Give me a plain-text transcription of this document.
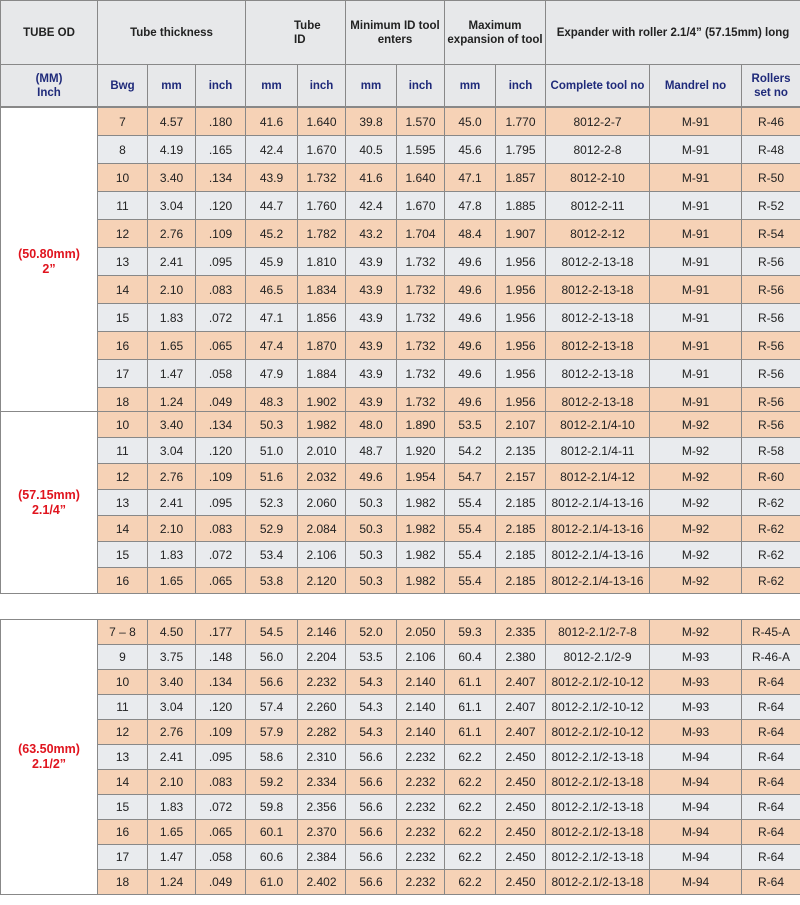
TUBE OD	Tube thickness			Tube ID		Minimum ID tool enters		Maximum expansion of tool		Expander with roller 2.1/4” (57.15mm) long		
(MM) Inch	Bwg	mm	inch	mm	inch	mm	inch	mm	inch	Complete tool no	Mandrel no	Rollers set no
(50.80mm)
2”	7	4.57	.180	41.6	1.640	39.8	1.570	45.0	1.770	8012-2-7	M-91	R-46
	8	4.19	.165	42.4	1.670	40.5	1.595	45.6	1.795	8012-2-8	M-91	R-48
	10	3.40	.134	43.9	1.732	41.6	1.640	47.1	1.857	8012-2-10	M-91	R-50
	11	3.04	.120	44.7	1.760	42.4	1.670	47.8	1.885	8012-2-11	M-91	R-52
	12	2.76	.109	45.2	1.782	43.2	1.704	48.4	1.907	8012-2-12	M-91	R-54
	13	2.41	.095	45.9	1.810	43.9	1.732	49.6	1.956	8012-2-13-18	M-91	R-56
	14	2.10	.083	46.5	1.834	43.9	1.732	49.6	1.956	8012-2-13-18	M-91	R-56
	15	1.83	.072	47.1	1.856	43.9	1.732	49.6	1.956	8012-2-13-18	M-91	R-56
	16	1.65	.065	47.4	1.870	43.9	1.732	49.6	1.956	8012-2-13-18	M-91	R-56
	17	1.47	.058	47.9	1.884	43.9	1.732	49.6	1.956	8012-2-13-18	M-91	R-56
	18	1.24	.049	48.3	1.902	43.9	1.732	49.6	1.956	8012-2-13-18	M-91	R-56
(57.15mm)
2.1/4”	10	3.40	.134	50.3	1.982	48.0	1.890	53.5	2.107	8012-2.1/4-10	M-92	R-56
	11	3.04	.120	51.0	2.010	48.7	1.920	54.2	2.135	8012-2.1/4-11	M-92	R-58
	12	2.76	.109	51.6	2.032	49.6	1.954	54.7	2.157	8012-2.1/4-12	M-92	R-60
	13	2.41	.095	52.3	2.060	50.3	1.982	55.4	2.185	8012-2.1/4-13-16	M-92	R-62
	14	2.10	.083	52.9	2.084	50.3	1.982	55.4	2.185	8012-2.1/4-13-16	M-92	R-62
	15	1.83	.072	53.4	2.106	50.3	1.982	55.4	2.185	8012-2.1/4-13-16	M-92	R-62
	16	1.65	.065	53.8	2.120	50.3	1.982	55.4	2.185	8012-2.1/4-13-16	M-92	R-62
(63.50mm)
2.1/2”	7 – 8	4.50	.177	54.5	2.146	52.0	2.050	59.3	2.335	8012-2.1/2-7-8	M-92	R-45-A
	9	3.75	.148	56.0	2.204	53.5	2.106	60.4	2.380	8012-2.1/2-9	M-93	R-46-A
	10	3.40	.134	56.6	2.232	54.3	2.140	61.1	2.407	8012-2.1/2-10-12	M-93	R-64
	11	3.04	.120	57.4	2.260	54.3	2.140	61.1	2.407	8012-2.1/2-10-12	M-93	R-64
	12	2.76	.109	57.9	2.282	54.3	2.140	61.1	2.407	8012-2.1/2-10-12	M-93	R-64
	13	2.41	.095	58.6	2.310	56.6	2.232	62.2	2.450	8012-2.1/2-13-18	M-94	R-64
	14	2.10	.083	59.2	2.334	56.6	2.232	62.2	2.450	8012-2.1/2-13-18	M-94	R-64
	15	1.83	.072	59.8	2.356	56.6	2.232	62.2	2.450	8012-2.1/2-13-18	M-94	R-64
	16	1.65	.065	60.1	2.370	56.6	2.232	62.2	2.450	8012-2.1/2-13-18	M-94	R-64
	17	1.47	.058	60.6	2.384	56.6	2.232	62.2	2.450	8012-2.1/2-13-18	M-94	R-64
	18	1.24	.049	61.0	2.402	56.6	2.232	62.2	2.450	8012-2.1/2-13-18	M-94	R-64
